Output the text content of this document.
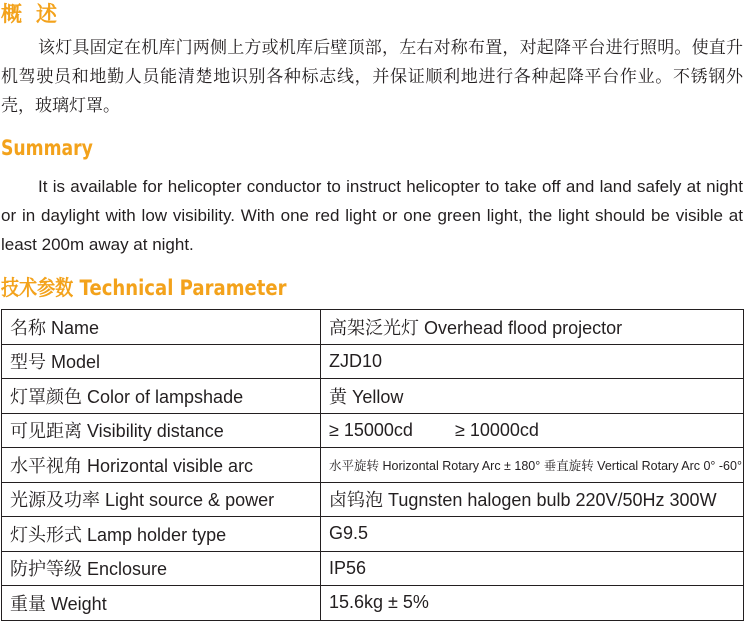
概述

该灯具固定在机库门两侧上方或机库后壁顶部，左右对称布置，对起降平台进行照明。使直升机驾驶员和地勤人员能清楚地识别各种标志线，并保证顺利地进行各种起降平台作业。不锈钢外壳，玻璃灯罩。

Summary

It is available for helicopter conductor to instruct helicopter to take off and land safely at night or in daylight with low visibility. With one red light or one green light, the light should be visible at least 200m away at night.

技术参数 Technical Parameter
名称 Name	高架泛光灯 Overhead flood projector
型号 Model	ZJD10
灯罩颜色 Color of lampshade	黄 Yellow
可见距离 Visibility distance	≥ 15000cd ≥ 10000cd
水平视角 Horizontal visible arc	水平旋转 Horizontal Rotary Arc ± 180° 垂直旋转 Vertical Rotary Arc 0° -60°
光源及功率 Light source & power	卤钨泡 Tugnsten halogen bulb 220V/50Hz 300W
灯头形式 Lamp holder type	G9.5
防护等级 Enclosure	IP56
重量 Weight	15.6kg ± 5%
